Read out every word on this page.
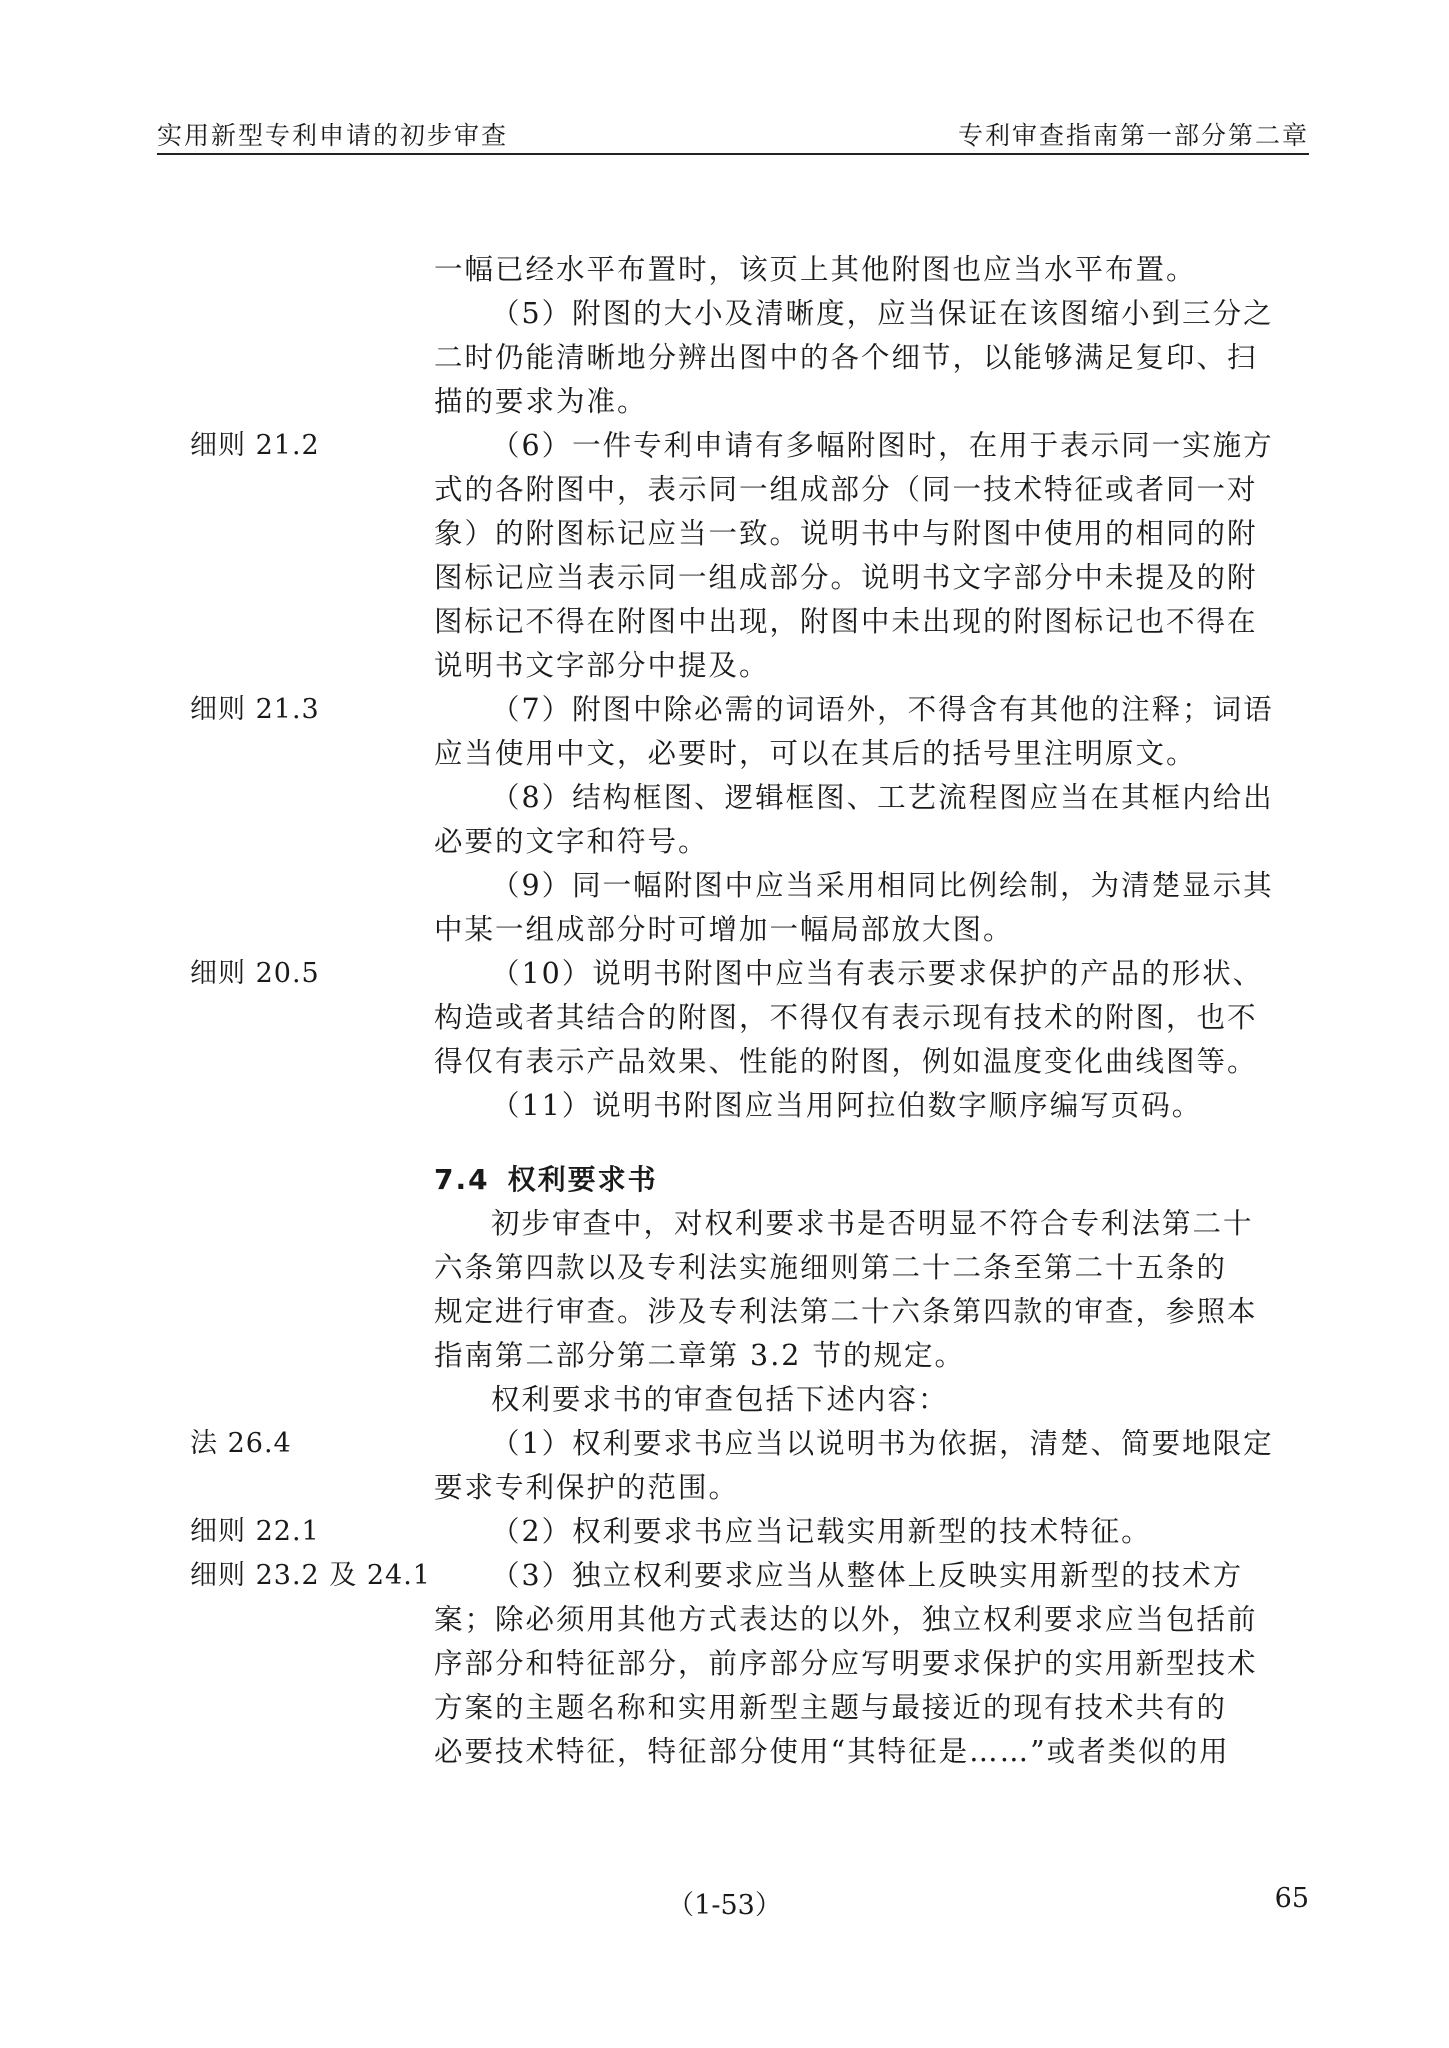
实用新型专利申请的初步审查	专利审查指南第一部分第二章
细则 21.2
细则 21.3
细则 20.5
法 26.4
细则 22.1
细则 23.2 及 24.1
一幅已经水平布置时，该页上其他附图也应当水平布置。
（5）附图的大小及清晰度，应当保证在该图缩小到三分之
二时仍能清晰地分辨出图中的各个细节，以能够满足复印、扫
描的要求为准。
（6）一件专利申请有多幅附图时，在用于表示同一实施方
式的各附图中，表示同一组成部分（同一技术特征或者同一对
象）的附图标记应当一致。说明书中与附图中使用的相同的附
图标记应当表示同一组成部分。说明书文字部分中未提及的附
图标记不得在附图中出现，附图中未出现的附图标记也不得在
说明书文字部分中提及。
（7）附图中除必需的词语外，不得含有其他的注释；词语
应当使用中文，必要时，可以在其后的括号里注明原文。
（8）结构框图、逻辑框图、工艺流程图应当在其框内给出
必要的文字和符号。
（9）同一幅附图中应当采用相同比例绘制，为清楚显示其
中某一组成部分时可增加一幅局部放大图。
（10）说明书附图中应当有表示要求保护的产品的形状、
构造或者其结合的附图，不得仅有表示现有技术的附图，也不
得仅有表示产品效果、性能的附图，例如温度变化曲线图等。
（11）说明书附图应当用阿拉伯数字顺序编写页码。
7.4 权利要求书
初步审查中，对权利要求书是否明显不符合专利法第二十
六条第四款以及专利法实施细则第二十二条至第二十五条的
规定进行审查。涉及专利法第二十六条第四款的审查，参照本
指南第二部分第二章第 3.2 节的规定。
权利要求书的审查包括下述内容：
（1）权利要求书应当以说明书为依据，清楚、简要地限定
要求专利保护的范围。
（2）权利要求书应当记载实用新型的技术特征。
（3）独立权利要求应当从整体上反映实用新型的技术方
案；除必须用其他方式表达的以外，独立权利要求应当包括前
序部分和特征部分，前序部分应写明要求保护的实用新型技术
方案的主题名称和实用新型主题与最接近的现有技术共有的
必要技术特征，特征部分使用“其特征是……”或者类似的用
（1-53）	65
